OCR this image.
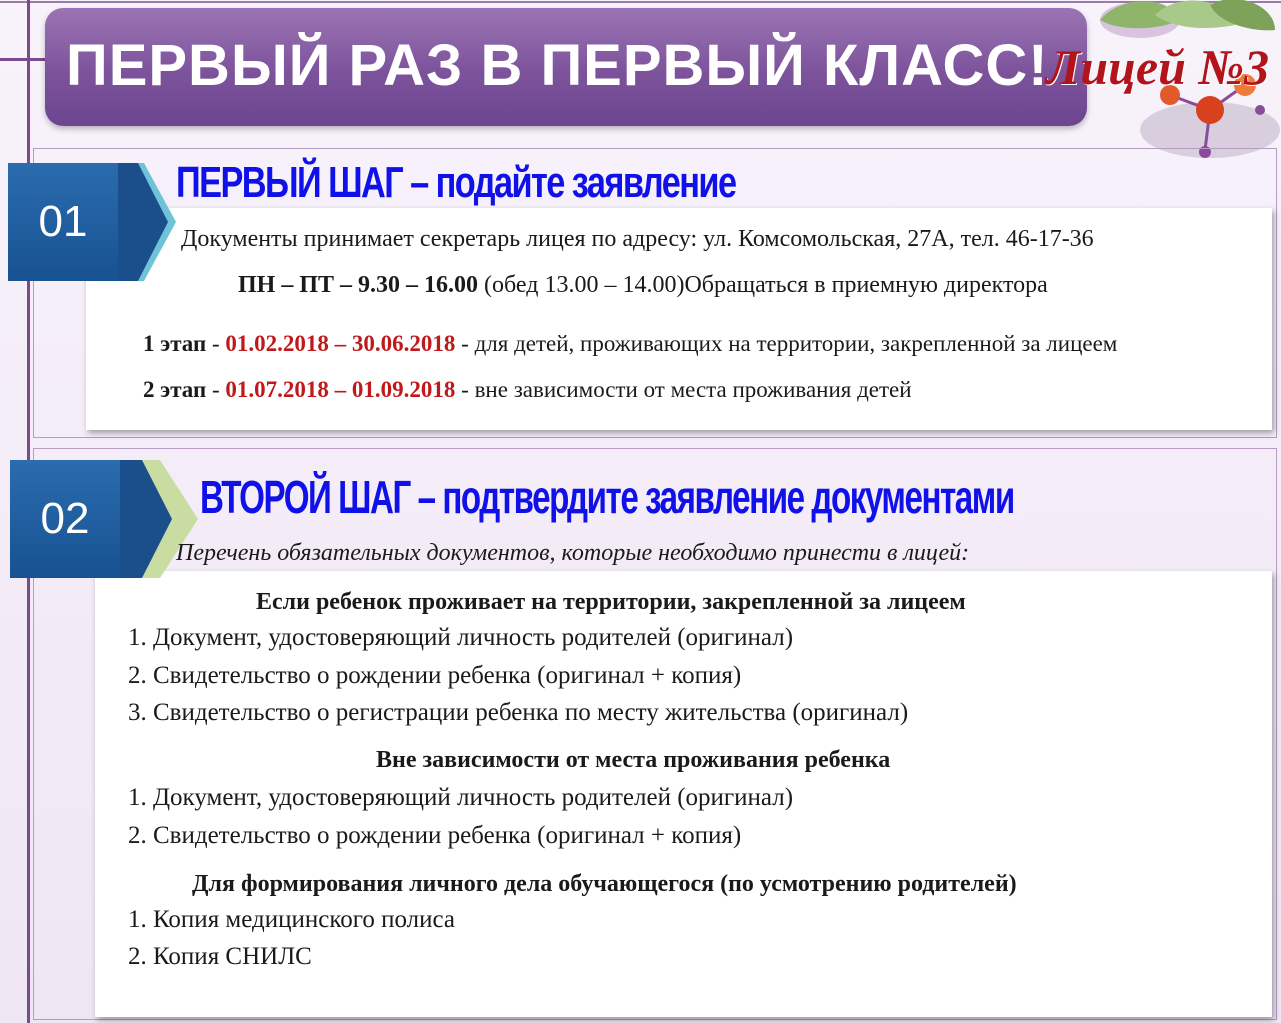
ПЕРВЫЙ РАЗ В ПЕРВЫЙ КЛАСС!
Лицей №3
01
ПЕРВЫЙ ШАГ – подайте заявление
Документы принимает секретарь лицея по адресу: ул. Комсомольская, 27А, тел. 46-17-36
ПН – ПТ – 9.30 – 16.00 (обед 13.00 – 14.00)Обращаться в приемную директора
1 этап - 01.02.2018 – 30.06.2018 - для детей, проживающих на территории, закрепленной за лицеем
2 этап - 01.07.2018 – 01.09.2018 - вне зависимости от места проживания детей
02	ВТОРОЙ ШАГ – подтвердите заявление документами
Перечень обязательных документов, которые необходимо принести в лицей:
Если ребенок проживает на территории, закрепленной за лицеем
1. Документ, удостоверяющий личность родителей (оригинал)
2. Свидетельство о рождении ребенка (оригинал + копия)
3. Свидетельство о регистрации ребенка по месту жительства (оригинал)
Вне зависимости от места проживания ребенка
1. Документ, удостоверяющий личность родителей (оригинал)
2. Свидетельство о рождении ребенка (оригинал + копия)
Для формирования личного дела обучающегося (по усмотрению родителей)
1. Копия медицинского полиса
2. Копия СНИЛС
